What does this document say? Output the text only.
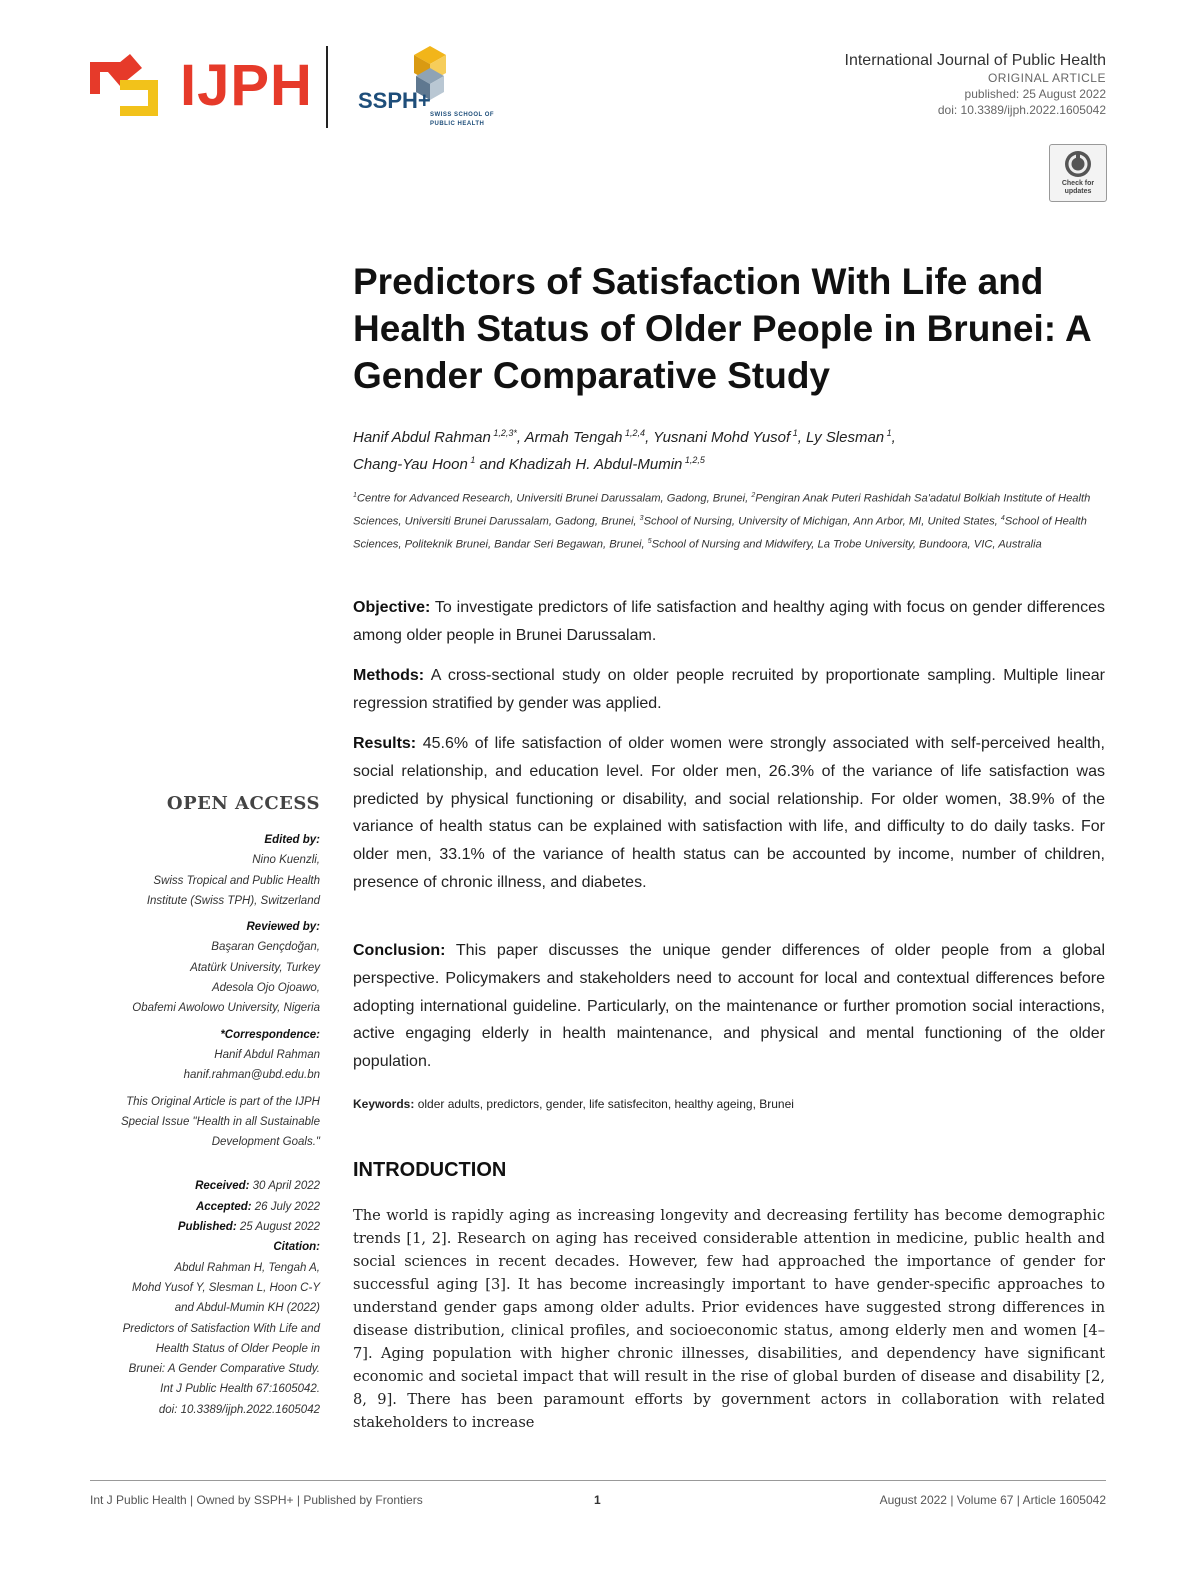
IJPH SSPH+
SWISS SCHOOL OF
PUBLIC HEALTH
International Journal of Public Health
ORIGINAL ARTICLE
published: 25 August 2022
doi: 10.3389/ijph.2022.1605042
Check for updates
Predictors of Satisfaction With Life and Health Status of Older People in Brunei: A Gender Comparative Study
Hanif Abdul Rahman $^{1,2,3*}$, Armah Tengah $^{1,2,4}$, Yusnani Mohd Yusof $^1$, Ly Slesman $^1$,
Chang-Yau Hoon $^1$ and Khadizah H. Abdul-Mumin $^{1,2,5}$
$^1$Centre for Advanced Research, Universiti Brunei Darussalam, Gadong, Brunei, $^2$Pengiran Anak Puteri Rashidah Sa'adatul Bolkiah Institute of Health Sciences, Universiti Brunei Darussalam, Gadong, Brunei, $^3$School of Nursing, University of Michigan, Ann Arbor, MI, United States, $^4$School of Health Sciences, Politeknik Brunei, Bandar Seri Begawan, Brunei, $^5$School of Nursing and Midwifery, La Trobe University, Bundoora, VIC, Australia

Objective: To investigate predictors of life satisfaction and healthy aging with focus on gender differences among older people in Brunei Darussalam.

Methods: A cross-sectional study on older people recruited by proportionate sampling. Multiple linear regression stratified by gender was applied.

Results: 45.6% of life satisfaction of older women were strongly associated with self-perceived health, social relationship, and education level. For older men, 26.3% of the variance of life satisfaction was predicted by physical functioning or disability, and social relationship. For older women, 38.9% of the variance of health status can be explained with satisfaction with life, and difficulty to do daily tasks. For older men, 33.1% of the variance of health status can be accounted by income, number of children, presence of chronic illness, and diabetes.

Conclusion: This paper discusses the unique gender differences of older people from a global perspective. Policymakers and stakeholders need to account for local and contextual differences before adopting international guideline. Particularly, on the maintenance or further promotion social interactions, active engaging elderly in health maintenance, and physical and mental functioning of the older population.

Keywords: older adults, predictors, gender, life satisfeciton, healthy ageing, Brunei
INTRODUCTION

The world is rapidly aging as increasing longevity and decreasing fertility has become demographic trends [1, 2]. Research on aging has received considerable attention in medicine, public health and social sciences in recent decades. However, few had approached the importance of gender for successful aging [3]. It has become increasingly important to have gender-specific approaches to understand gender gaps among older adults. Prior evidences have suggested strong differences in disease distribution, clinical profiles, and socioeconomic status, among elderly men and women [4–7]. Aging population with higher chronic illnesses, disabilities, and dependency have significant economic and societal impact that will result in the rise of global burden of disease and disability [2, 8, 9]. There has been paramount efforts by government actors in collaboration with related stakeholders to increase

OPEN ACCESS
Edited by:
Nino Kuenzli,
Swiss Tropical and Public Health
Institute (Swiss TPH), Switzerland
Reviewed by:
Başaran Gençdoğan,
Atatürk University, Turkey
Adesola Ojo Ojoawo,
Obafemi Awolowo University, Nigeria
*Correspondence:
Hanif Abdul Rahman
hanif.rahman@ubd.edu.bn
This Original Article is part of the IJPH
Special Issue "Health in all Sustainable
Development Goals."
Received: 30 April 2022
Accepted: 26 July 2022
Published: 25 August 2022
Citation:
Abdul Rahman H, Tengah A,
Mohd Yusof Y, Slesman L, Hoon C-Y
and Abdul-Mumin KH (2022)
Predictors of Satisfaction With Life and
Health Status of Older People in
Brunei: A Gender Comparative Study.
Int J Public Health 67:1605042.
doi: 10.3389/ijph.2022.1605042
Int J Public Health | Owned by SSPH+ | Published by Frontiers	1	August 2022 | Volume 67 | Article 1605042
